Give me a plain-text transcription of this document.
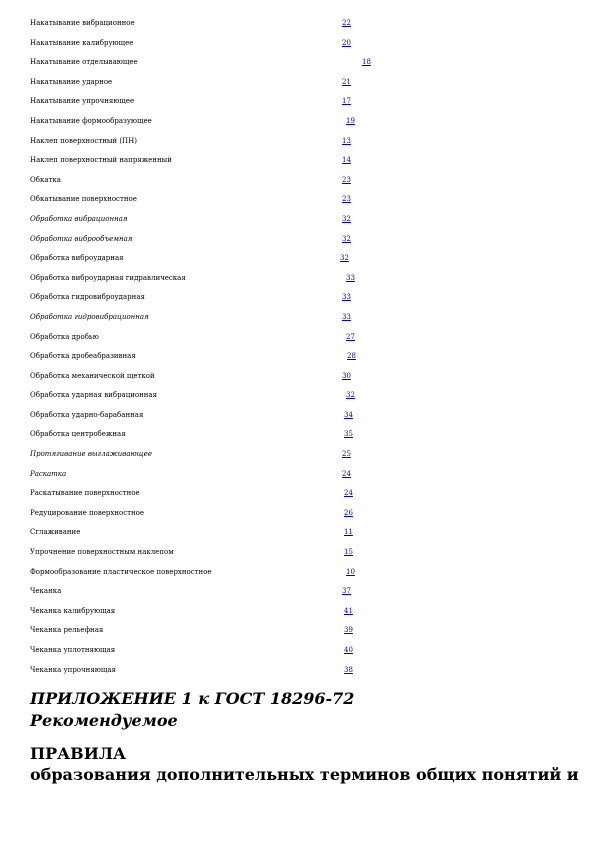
Накатывание вибрационное	22
Накатывание калибрующее	20
Накатывание отделывающее	18
Накатывание ударное	21
Накатывание упрочняющее	17
Накатывание формообразующее	19
Наклеп поверхностный (ПН)	13
Наклеп поверхностный напряженный	14
Обкатка	23
Обкатывание поверхностное	23
Обработка вибрационная	32
Обработка виброобъемная	32
Обработка виброударная	32
Обработка виброударная гидравлическая	33
Обработка гидровиброударная	33
Обработка гидровибрационная	33
Обработка дробью	27
Обработка дробеабразивная	28
Обработка механической щеткой	30
Обработка ударная вибрационная	32
Обработка ударно-барабанная	34
Обработка центробежная	35
Протягивание выглаживающее	25
Раскатка	24
Раскатывание поверхностное	24
Редуцирование поверхностное	26
Сглаживание	11
Упрочнение поверхностным наклепом	15
Формообразование пластическое поверхностное	10
Чеканка	37
Чеканка калибрующая	41
Чеканка рельефная	39
Чеканка уплотняющая	40
Чеканка упрочняющая	38

ПРИЛОЖЕНИЕ 1 к ГОСТ 18296-72

Рекомендуемое

ПРАВИЛА

образования дополнительных терминов общих понятий и
